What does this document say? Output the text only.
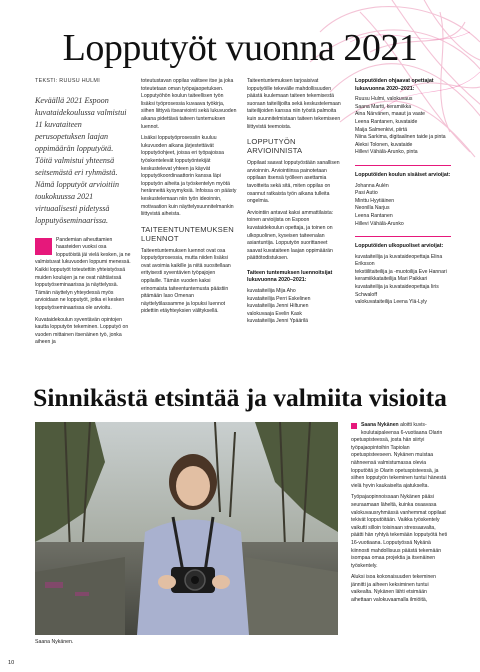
Lopputyöt vuonna 2021
TEKSTI: RUUSU HULMI
Keväällä 2021 Espoon kuvataidekoulussa valmistui 11 kuvataiteen perusopetuksen laajan oppimäärän lopputyötä. Töitä valmistui yhteensä seitsemästä eri ryhmästä. Nämä lopputyöt arvioitiin toukokuussa 2021 virtuaalisesti pidetyssä lopputyöseminaarissa.

Pandemian aiheuttamien haasteiden vuoksi osa lopputöistä jäi vielä kesken, ja ne valmistuvat lukuvuoden loppumi menessä. Kaikki lopputyöt toteutettiin yhteistyössä muiden koulujen ja ne ovat nähtävissä lopputyöseminaarissa ja näyttelyssä. Tämän näyttelyn yhteydessä myös arvioidaan ne lopputyöt, jotka ei kesken lopputyöseminaarissa ole arvioitu.

Kuvataidekoulun syventävän opintojen kautta lopputyön tekeminen. Lopputyö on vuoden mittainen itsenäinen työ, jonka aiheen ja

toteutustavan oppilas valitsee itse ja joka toteutetaan oman työpajaopetuksen. Lopputyöhön koulun taiteellisen työn lisäksi työprosessia kuvaava työkirja, siihen liittyvä itsearviointi sekä lukuvuoden aikana pidettävä taiteen tuntemuksen luennot.

Lisäksi lopputyöprosessiin kuuluu lukuvuoden aikana järjestettävät lopputyöohjeet, joissa eri työpajoissa työskentelevät lopputyöntekijät keskustelevat yhteen ja käyvät lopputyökoordinaattorin kanssa läpi lopputyön aiheita ja työskentelyn myötä heränneitä kysymyksiä. Infoissa on päästy keskustelemaan niin työn ideoinnin, motivaation kuin näyttelysuunnitelmankin liittyvistä aiheista.

TAITEENTUNTEMUKSEN LUENNOT

Taiteentuntemuksen luennot ovat osa lopputyöprosessia, mutta niiden lisäksi ovat avoimia kaikille ja niitä suositellaan erityisesti syventävien työpajojen oppilaille. Tämän vuoden kaksi erinomaista taiteentuntemusta päästiin pitämään Iaso Omenan näyttelytilassamme ja lopuksi luennot pidettiin etäyhteyksien välityksellä.

Taiteentuntemuksen tarjoaisivat lopputyöille tekevälle mahdollisuuden päästä kuulemaan taiteen tekemisestä suoraan taiteilijoilta sekä keskustelemaan taiteilijoiden kanssa niin työstä palmoita kuin suunnitelmistaan taiteen tekemiseen liittyvistä teemoista.

LOPPUTYÖN ARVIOINNISTA

Oppilaat saavat lopputyöstään sanallisen arvioinnin. Arviointiinsa painotetaan oppilaan itsensä työlleen asettamia tavoitteita sekä sitä, miten oppilas on osannut ratkaista työn aikana tulleita ongelmia.

Arviointiin antavat kaksi ammattilaista: toinen arvioijista on Espoon kuvataidekoulun opettaja, ja toinen on ulkopuolinen, kyseisen taiteenalan asiantuntija. Lopputyön suorittaneet saavat kuvataiteen laajan oppimäärän päättötodistuksen.

Taiteen tuntemuksen luennoitsijat lukuvuonna 2020–2021:

kuvataiteilija Mija Aho
kuvataiteilija Perri Eskelinen
kuvataiteilija Jenni Hiltunen
valokuvaaja Evelin Kask
kuvataiteilija Jenni Ypäärilä

Lopputöiden ohjaavat opettajat lukuvuonna 2020–2021:

Ruusu Hulmi, valokuvaus
Saana Martti, keramiikka
Aina Närvänen, maaut ja vaate
Leena Rantanen, kuvataide
Maija Salmenkivi, piirtä
Niina Sarkima, digitaalinen taide ja pinta
Aleksi Tolonen, kuvataide
Hillevi Vähälä-Arunko, pinta

Lopputöiden koulun sisäiset arvioijat:

Johanna Aulén
Pasi Autio
Minttu Hyytiäinen
Neonilla Narjus
Leena Rantanen
Hillevi Vähälä-Arunko

Lopputöiden ulkopuoliset arvioijat:

kuvataiteilija ja kuvataideopettaja Elina Eriksson
tekstiilitaiteilija ja -muotoilija Eve Hannari
keramiikkataiteilija Mari Paikkari
kuvataiteilija ja kuvataideopettaja Iiris Schwaloff
valokuvataiteilija Leena Ylä-Lyly

Sinnikästä etsintää ja valmiita visioita
Saana Nykänen.

Saana Nykänen aloitti kuvis-koulutaipaleensa 6-vuotiaana Olarin opetuspisteessä, josta hän siirtyi työpajaopintoihin Tapiolan opetuspisteeseen. Nykänen muistaa nähneensä valmistumassa olevia lopputöitä jo Olarin opetuspisteessä, ja siihen lopputyön tekeminen tuntui hänestä vielä hyvin kaukaiselta ajatukselta.

Työpajaopinnoissaan Nykänen pääsi seuraamaan läheltä, kuinka osaavasa valokuvausryhmässä vanhemmat oppilaat tekivät lopputöitään. Vaikka työskentely vaikutti silloin toisinaan stressaavalta, päätti hän ryhtyä tekemään lopputyötä heti 16-vuotiaana. Lopputyössä Nykänä kiinnosti mahdollisuus päästä tekemään isompaa omaa projektia ja itsenäinen työskentely.

Aluksi isoa kokonaisuuden tekeminen jännitti ja aiheen keksiminen tuntui vaikealta. Nykänen lähti etsimään aihettaan valokuvaamalla ilmiöitä,

10
